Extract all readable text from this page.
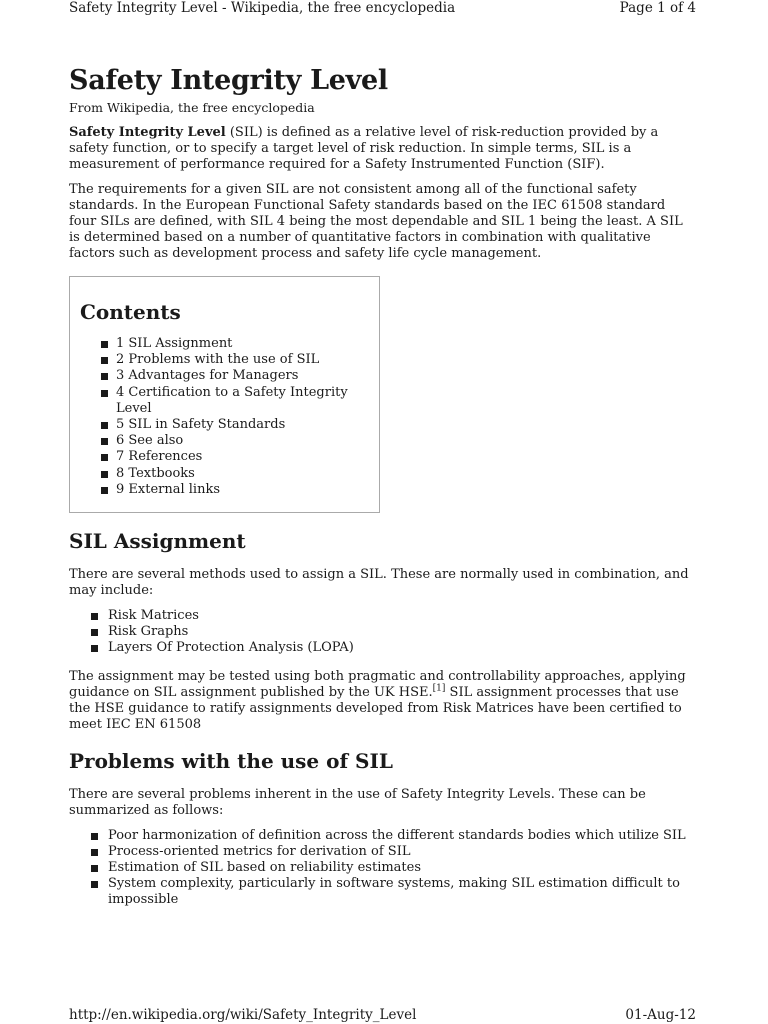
Safety Integrity Level - Wikipedia, the free encyclopedia	Page 1 of 4
Safety Integrity Level
From Wikipedia, the free encyclopedia

Safety Integrity Level (SIL) is defined as a relative level of risk-reduction provided by a safety function, or to specify a target level of risk reduction. In simple terms, SIL is a measurement of performance required for a Safety Instrumented Function (SIF).

The requirements for a given SIL are not consistent among all of the functional safety standards. In the European Functional Safety standards based on the IEC 61508 standard four SILs are defined, with SIL 4 being the most dependable and SIL 1 being the least. A SIL is determined based on a number of quantitative factors in combination with qualitative factors such as development process and safety life cycle management.

Contents
1 SIL Assignment
2 Problems with the use of SIL
3 Advantages for Managers
4 Certification to a Safety Integrity Level
5 SIL in Safety Standards
6 See also
7 References
8 Textbooks
9 External links
SIL Assignment

There are several methods used to assign a SIL. These are normally used in combination, and may include:

Risk Matrices
Risk Graphs
Layers Of Protection Analysis (LOPA)

The assignment may be tested using both pragmatic and controllability approaches, applying guidance on SIL assignment published by the UK HSE.[1] SIL assignment processes that use the HSE guidance to ratify assignments developed from Risk Matrices have been certified to meet IEC EN 61508

Problems with the use of SIL

There are several problems inherent in the use of Safety Integrity Levels. These can be summarized as follows:

Poor harmonization of definition across the different standards bodies which utilize SIL
Process-oriented metrics for derivation of SIL
Estimation of SIL based on reliability estimates
System complexity, particularly in software systems, making SIL estimation difficult to impossible
http://en.wikipedia.org/wiki/Safety_Integrity_Level	01-Aug-12
